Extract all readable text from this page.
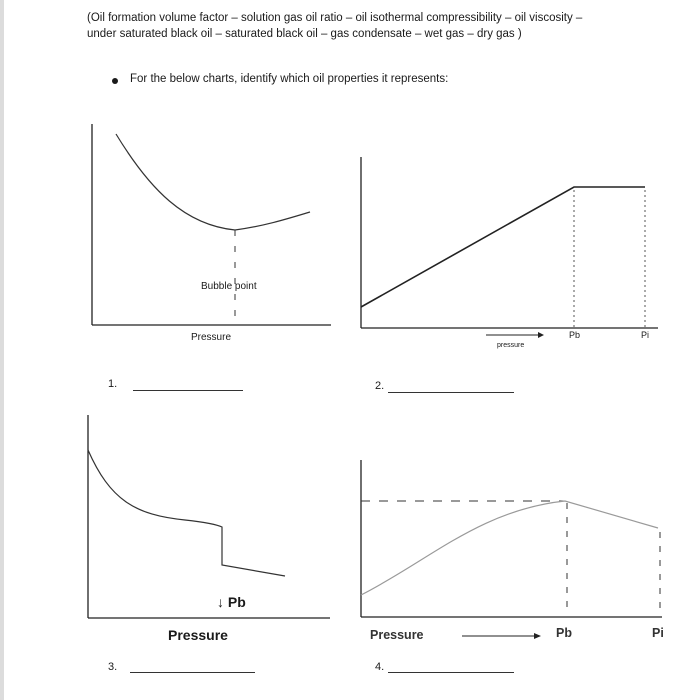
(Oil formation volume factor – solution gas oil ratio – oil isothermal compressibility – oil viscosity – under saturated black oil – saturated black oil – gas condensate – wet gas – dry gas )

For the below charts, identify which oil properties it represents:
Bubble point
Pressure
1.
pressure
Pb	Pi
2.
↓ Pb
Pressure
3.
Pressure	Pb	Pi
4.
